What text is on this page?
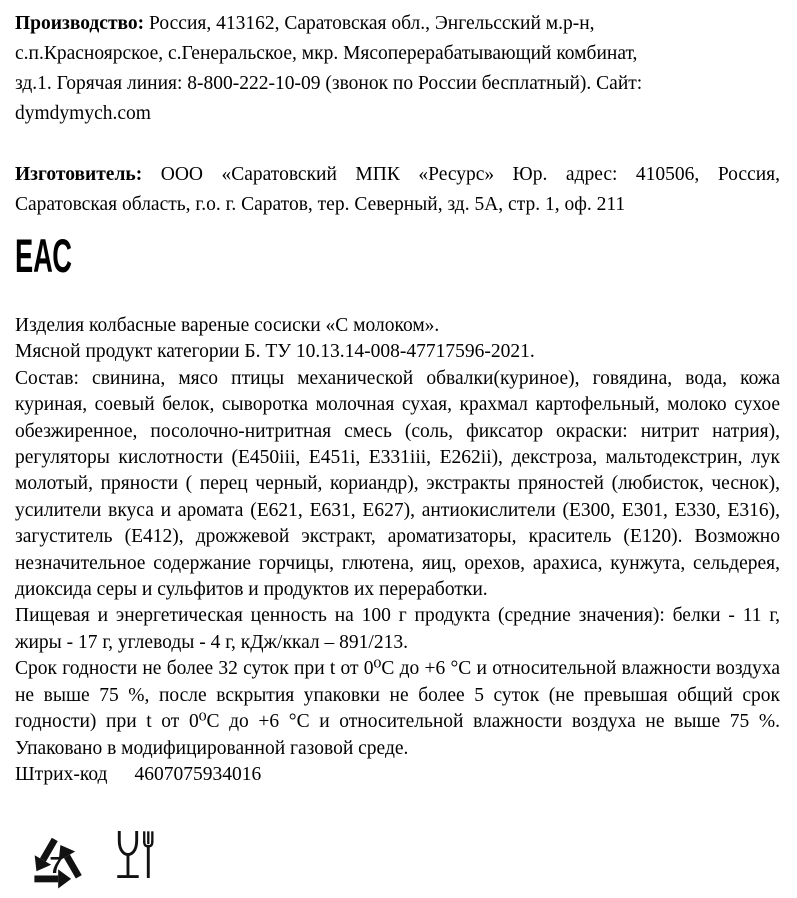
Производство: Россия, 413162, Саратовская обл., Энгельсский м.р-н,
с.п.Красноярское, с.Генеральское, мкр. Мясоперерабатывающий комбинат,
зд.1. Горячая линия: 8-800-222-10-09 (звонок по России бесплатный). Сайт:
dymdymych.com
Изготовитель: ООО «Саратовский МПК «Ресурс» Юр. адрес: 410506, Россия,
Саратовская область, г.о. г. Саратов, тер. Северный, зд. 5А, стр. 1, оф. 211
ЕАС
Изделия колбасные вареные сосиски «С молоком».
Мясной продукт категории Б. ТУ 10.13.14-008-47717596-2021.
Состав: свинина, мясо птицы механической обвалки(куриное), говядина, вода, кожа
куриная, соевый белок, сыворотка молочная сухая, крахмал картофельный, молоко сухое
обезжиренное, посолочно-нитритная смесь (соль, фиксатор окраски: нитрит натрия),
регуляторы кислотности (Е450iii, Е451i, Е331iii, Е262ii), декстроза, мальтодекстрин, лук
молотый, пряности ( перец черный, кориандр), экстракты пряностей (любисток, чеснок),
усилители вкуса и аромата (Е621, Е631, Е627), антиокислители (Е300, Е301, Е330, Е316),
загуститель (Е412), дрожжевой экстракт, ароматизаторы, краситель (Е120). Возможно
незначительное содержание горчицы, глютена, яиц, орехов, арахиса, кунжута, сельдерея,
диоксида серы и сульфитов и продуктов их переработки.
Пищевая и энергетическая ценность на 100 г продукта (средние значения): белки - 11 г,
жиры - 17 г, углеводы - 4 г, кДж/ккал – 891/213.
Срок годности не более 32 суток при t от 0⁰С до +6 °С и относительной влажности воздуха
не выше 75 %, после вскрытия упаковки не более 5 суток (не превышая общий срок
годности) при t от 0⁰С до +6 °С и относительной влажности воздуха не выше 75 %.
Упаковано в модифицированной газовой среде.
Штрих-код 4607075934016
7
